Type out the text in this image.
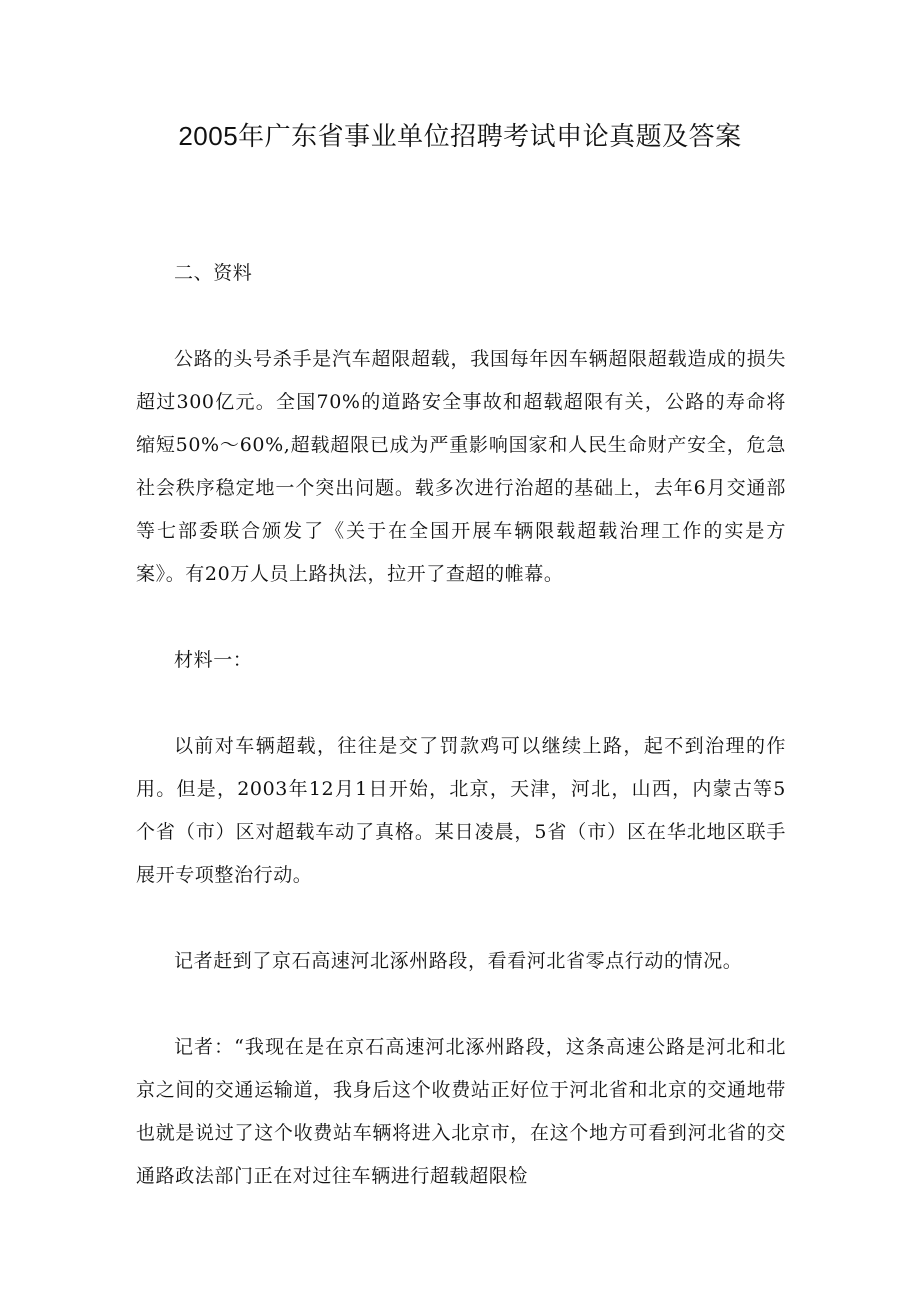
2005年广东省事业单位招聘考试申论真题及答案

二、资料

公路的头号杀手是汽车超限超载，我国每年因车辆超限超载造成的损失超过300亿元。全国70%的道路安全事故和超载超限有关，公路的寿命将缩短50%～60%,超载超限已成为严重影响国家和人民生命财产安全，危急社会秩序稳定地一个突出问题。载多次进行治超的基础上，去年6月交通部等七部委联合颁发了《关于在全国开展车辆限载超载治理工作的实是方案》。有20万人员上路执法，拉开了查超的帷幕。

材料一：

以前对车辆超载，往往是交了罚款鸡可以继续上路，起不到治理的作用。但是，2003年12月1日开始，北京，天津，河北，山西，内蒙古等5个省（市）区对超载车动了真格。某日凌晨，5省（市）区在华北地区联手展开专项整治行动。

记者赶到了京石高速河北涿州路段，看看河北省零点行动的情况。

记者：“我现在是在京石高速河北涿州路段，这条高速公路是河北和北京之间的交通运输道，我身后这个收费站正好位于河北省和北京的交通地带也就是说过了这个收费站车辆将进入北京市，在这个地方可看到河北省的交通路政法部门正在对过往车辆进行超载超限检
